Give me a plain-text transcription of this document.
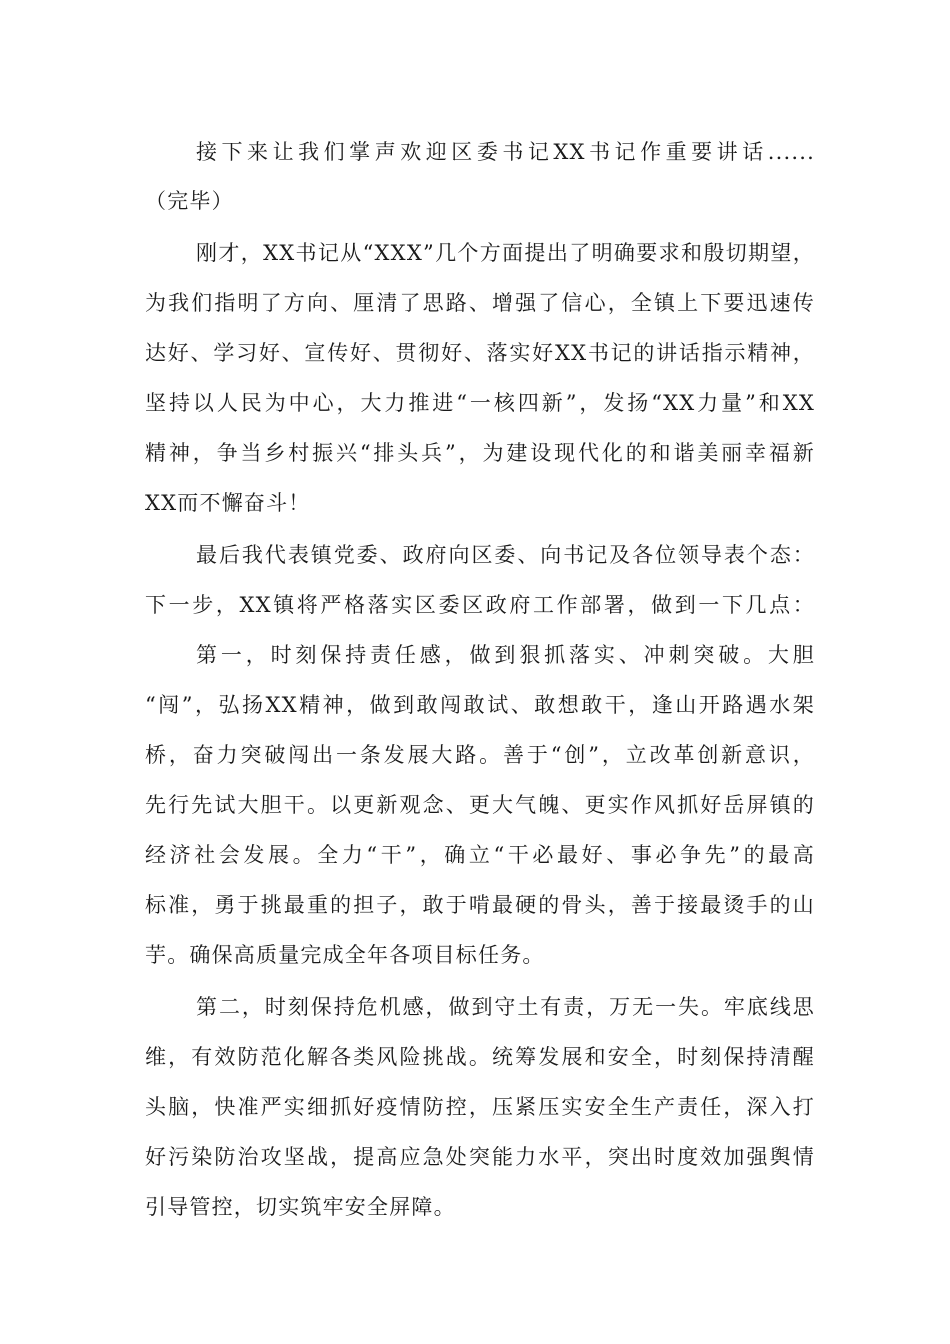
接下来让我们掌声欢迎区委书记XX书记作重要讲话......
（完毕）
刚才，XX书记从“XXX”几个方面提出了明确要求和殷切期望，
为我们指明了方向、厘清了思路、增强了信心，全镇上下要迅速传
达好、学习好、宣传好、贯彻好、落实好XX书记的讲话指示精神，
坚持以人民为中心，大力推进“一核四新”，发扬“XX力量”和XX
精神，争当乡村振兴“排头兵”，为建设现代化的和谐美丽幸福新
XX而不懈奋斗！
最后我代表镇党委、政府向区委、向书记及各位领导表个态：
下一步，XX镇将严格落实区委区政府工作部署，做到一下几点：
第一，时刻保持责任感，做到狠抓落实、冲刺突破。大胆
“闯”，弘扬XX精神，做到敢闯敢试、敢想敢干，逢山开路遇水架
桥，奋力突破闯出一条发展大路。善于“创”，立改革创新意识，
先行先试大胆干。以更新观念、更大气魄、更实作风抓好岳屏镇的
经济社会发展。全力“干”，确立“干必最好、事必争先”的最高
标准，勇于挑最重的担子，敢于啃最硬的骨头，善于接最烫手的山
芋。确保高质量完成全年各项目标任务。
第二，时刻保持危机感，做到守土有责，万无一失。牢底线思
维，有效防范化解各类风险挑战。统筹发展和安全，时刻保持清醒
头脑，快准严实细抓好疫情防控，压紧压实安全生产责任，深入打
好污染防治攻坚战，提高应急处突能力水平，突出时度效加强舆情
引导管控，切实筑牢安全屏障。
